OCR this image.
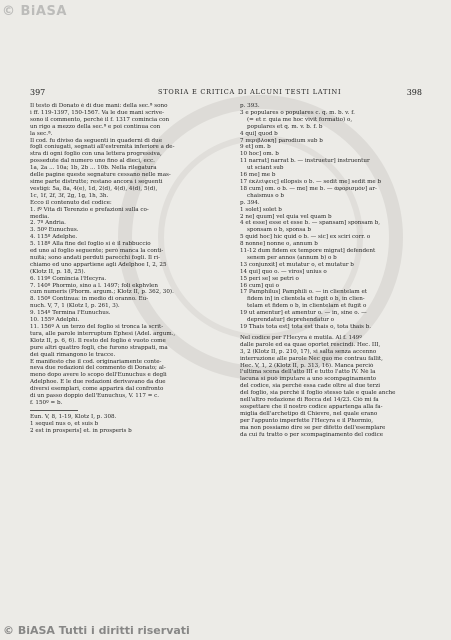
© BiASA
397	STORIA E CRITICA DI ALCUNI TESTI LATINI	398
Il testo di Donato è di due mani: della sec.ª sono
i ff. 119-1397, 150-1567. Va le due mani scrive-
sono il commento, perchè il f. 1317 comincia con
un rigo a mezzo della sec.ª e poi continua con
la sec.ª.
Il cod. fu diviso da seguenti in quaderni di due
fogli coniugati, segnati all'estremità inferiore a de-
stra di ogni foglio con una lettera progressiva,
possedute dal numero uno fino al dieci, ecc.
1a, 2a ... 10a; 1b, 2b ... 10b. Nella rilegatura
delle pagine queste segnature cessano nelle mas-
sime parte distrutte; restano ancora i seguenti
vestigi: 5a, 8a, 4(e), 1d, 2(d), 4(d), 4(d), 5(d),
1c, 1f, 2f, 3f, 2g, 1g, 1h, 3h.
Ecco il contenuto del codice:
1. fº Vita di Terenzio e prefazioni sulla co-
media.
2. 7º Andria.
3. 50º Eunuchus.
4. 115º Adelphe.
5. 118º Alla fine del foglio si è il rabbuccio
ed uno al foglio seguente; però manca la conti-
nuità; sono andati perduti parecchi fogli. Il ri-
chiamo ed uno appartiene agli Adelphoe I, 2, 25
(Klotz II, p. 18, 25).
6. 119º Comincia l'Hecyra.
7. 140º Phormio, sino a l. 1497; foli ekphvlen
cum numeris (Phorm. argum.; Klotz II, p. 362, 30).
8. 150º Continua: in medio di oranno. Eu-
nuch. V, 7, 1 (Klotz I, p. 261, 3).
9. 154º Termina l'Eunuchus.
10. 155º Adelphi.
11. 156º A un terzo del foglio si tronca la scrit-
tura, alle parole interruptum Ephesi (Adel. argum.,
Klotz II, p. 6, 6). Il resto del foglio è vuoto come
pure altri quattro fogli, che furono strappati, ma
dei quali rimangono le tracce.
È manifesto che il cod. originariamente conte-
neva due redazioni del commento di Donato; al-
meno dopo avere lo scopo dell'Eunuchus e degli
Adelphoe. E le due redazioni derivavano da due
diversi esemplari, come apparirà dal confronto
di un passo doppio dell'Eunuchus, V. 117 = c.
f. 150º = b.
Eun. V, 8, 1-19, Klotz I, p. 308.
1 sequel nus o, et suis b
2 est in prosperis] et. in prosperis b
p. 393.
3 e populares o populares c. q. m. b. v. f.
(= et r. quia me hoc vivit formatio) o,
populares et q. m. v. b. f. b
4 qui] quod b
7 περιβλοκή] parodium sub b
9 et] om. b
10 hoc] om. b
11 narrat] narrat b. — instruetur] instruentur
ut sciant sub
16 me] me b
17 ἐκλείψεις] ellopsis o b. — sedit me] sedit me b
18 cum] om. o b. — me] me b. — ἀφορισμόν] ar-
chaismus o b
p. 394.
1 solet] solet b
2 ne] quum] vel quia vel quam b
4 et esse] esse et esse b. — spansam] sponsam b,
sponsam o b, sponsa b
5 quid hoc] hic quid o b. — sic] ex sciri corr. o
8 nonne] nonne o, annum b
11-12 dum fidem ex tempore migrat] defendent
senem per annos (annum b) o b
13 conjunxit] et mutatur o, et mutatur b
14 qui] quo o. — viros] unius o
15 peri se] se petri o
16 cum] qui o
17 Pamphilus] Pamphili o. — in clientelam et
fidem in] in clientela et fugit o b, in clien-
telam et fidem o b, in clientelam et fugit o
19 ut amentur] et amentur o. — in, sine o. —
deprendatur] deprehendatur o
19 Thais tota est] tota est thais o, tota thais b.
Nel codice per l'Hecyra è mutila. Al f. 149º
dalle parole ed ea quae oportet rescindi. Hec. III,
3, 2 (Klotz II, p. 210, 17), si salta senza accenno
interruzione alle parole Nec quo me contrau fallit,
Hec. V, 1, 2 (Klotz II, p. 313, 16). Manca perciò
l'ultima scena dell'atto III e tutto l'atto IV. Nè la
lacuna si può imputare a uno scompaginamento
del codice, sia perchè essa cade oltre al due terzi
del foglio, sia perchè il foglio stesso tale e quale anche
nell'altro redazione di Rocca del 14/23. Ciò mi fa
sospettare che il nostro codice appartenga alla fa-
miglia dell'archetipo di Chievre, nel quale erano
per l'appunto imperfette l'Hecyra e il Phormio,
ma non possiamo dire se per difetto dell'esemplare
da cui fu tratto o per scompaginamento del codice
© BiASA Tutti i diritti riservati
